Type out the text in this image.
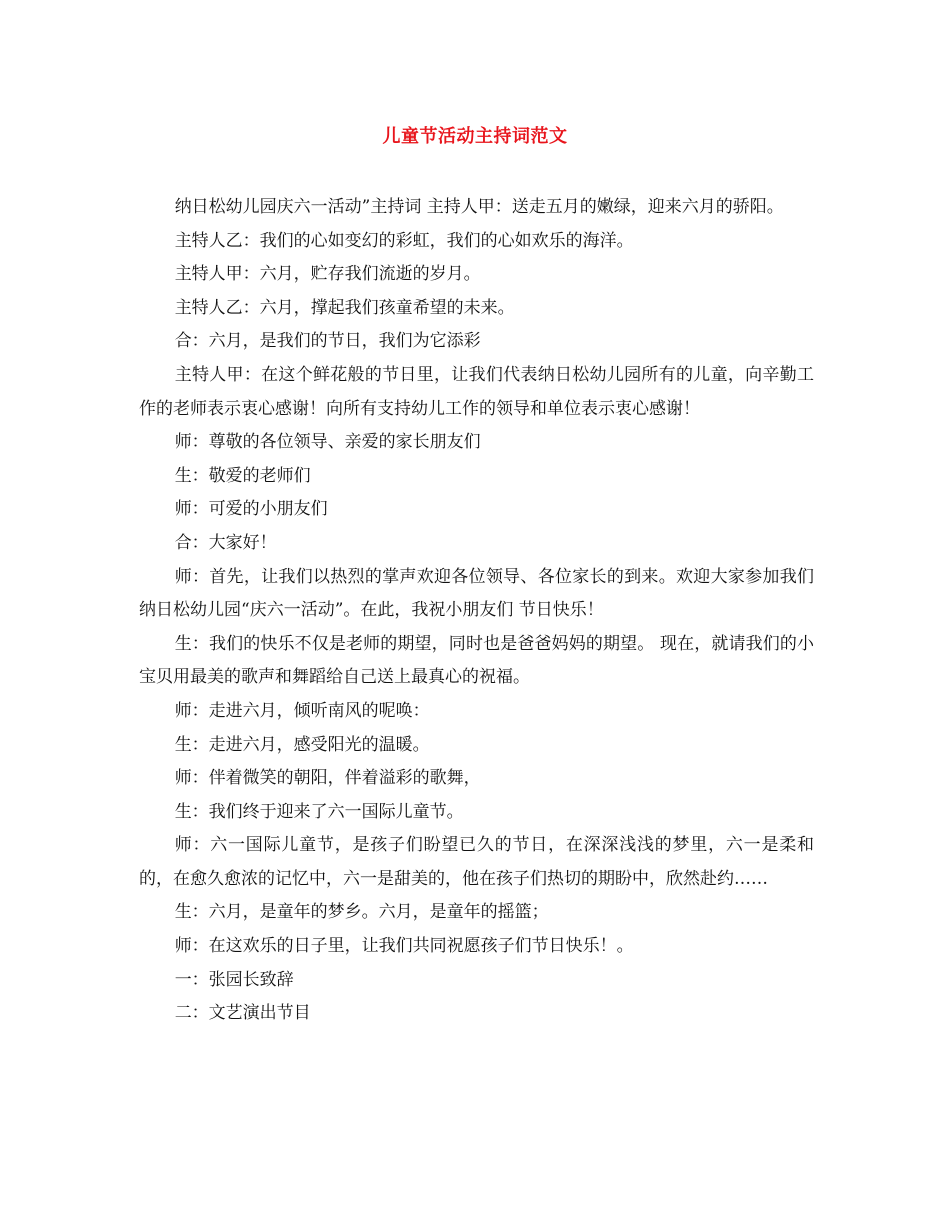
儿童节活动主持词范文

纳日松幼儿园庆六一活动”主持词 主持人甲：送走五月的嫩绿，迎来六月的骄阳。

主特人乙：我们的心如变幻的彩虹，我们的心如欢乐的海洋。

主特人甲：六月，贮存我们流逝的岁月。

主特人乙：六月，撑起我们孩童希望的未来。

合：六月，是我们的节日，我们为它添彩

主特人甲：在这个鲜花般的节日里，让我们代表纳日松幼儿园所有的儿童，向辛勤工作的老师表示衷心感谢！向所有支持幼儿工作的领导和单位表示衷心感谢！

师：尊敬的各位领导、亲爱的家长朋友们

生：敬爱的老师们

师：可爱的小朋友们

合：大家好！

师：首先，让我们以热烈的掌声欢迎各位领导、各位家长的到来。欢迎大家参加我们纳日松幼儿园“庆六一活动”。在此，我祝小朋友们 节日快乐！

生：我们的快乐不仅是老师的期望，同时也是爸爸妈妈的期望。 现在，就请我们的小宝贝用最美的歌声和舞蹈给自己送上最真心的祝福。

师：走进六月，倾听南风的呢唤：

生：走进六月，感受阳光的温暖。

师：伴着微笑的朝阳，伴着溢彩的歌舞，

生：我们终于迎来了六一国际儿童节。

师：六一国际儿童节，是孩子们盼望已久的节日，在深深浅浅的梦里，六一是柔和的，在愈久愈浓的记忆中，六一是甜美的，他在孩子们热切的期盼中，欣然赴约……

生：六月，是童年的梦乡。六月，是童年的摇篮；

师：在这欢乐的日子里，让我们共同祝愿孩子们节日快乐！。

一：张园长致辞

二：文艺演出节目
